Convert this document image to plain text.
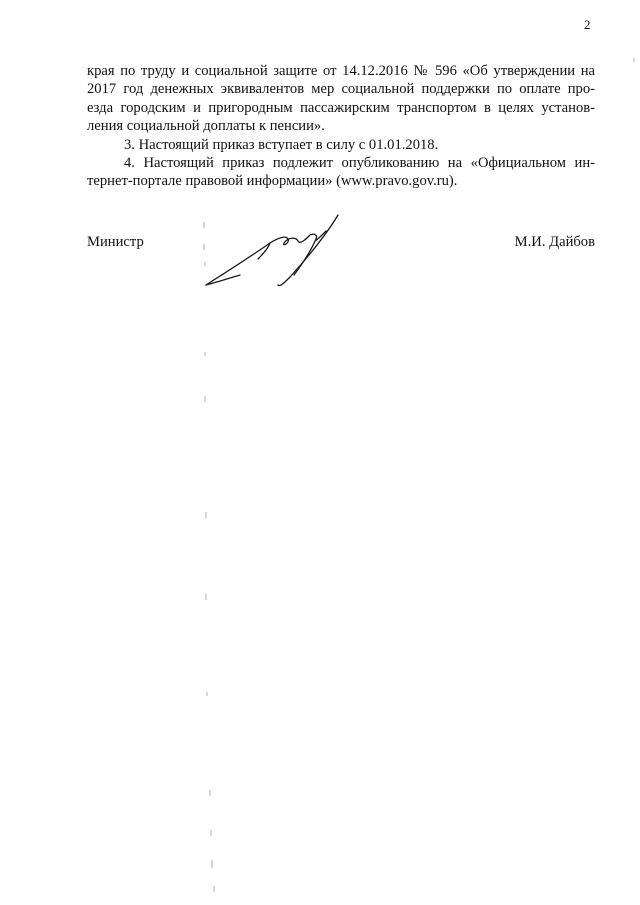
2

края по труду и социальной защите от 14.12.2016 № 596 «Об утверждении на
2017 год денежных эквивалентов мер социальной поддержки по оплате про-
езда городским и пригородным пассажирским транспортом в целях установ-
ления социальной доплаты к пенсии».

3. Настоящий приказ вступает в силу с 01.01.2018.

4. Настоящий приказ подлежит опубликованию на «Официальном ин-
тернет-портале правовой информации» (www.pravo.gov.ru).

Министр	М.И. Дайбов
